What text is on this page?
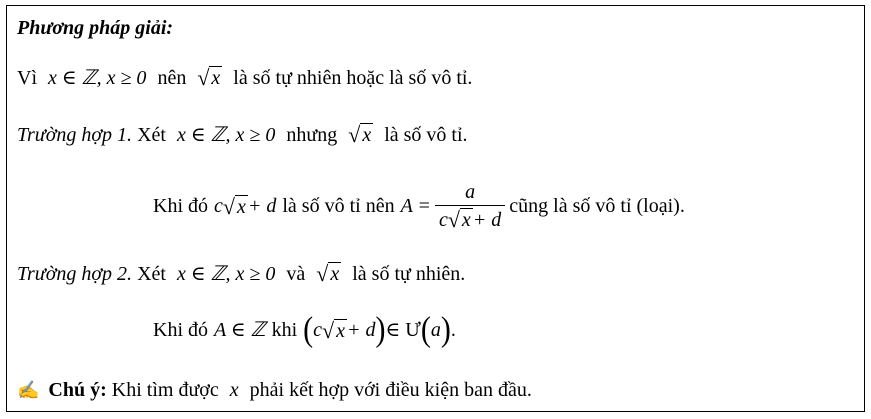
Phương pháp giải:
Vì x ∈ ℤ, x ≥ 0 nên √ x là số tự nhiên hoặc là số vô tỉ.
Trường hợp 1. Xét x ∈ ℤ, x ≥ 0 nhưng √ x là số vô tỉ.
Khi đó c √ x + d là số vô tỉ nên $A = \frac{a}{c √ x + d}$ cũng là số vô tỉ (loại).
Trường hợp 2. Xét x ∈ ℤ, x ≥ 0 và √ x là số tự nhiên.
Khi đó A ∈ ℤ khi ( c √ x + d ) ∈ Ư ( a ) .
✍ Chú ý: Khi tìm được x phải kết hợp với điều kiện ban đầu.
